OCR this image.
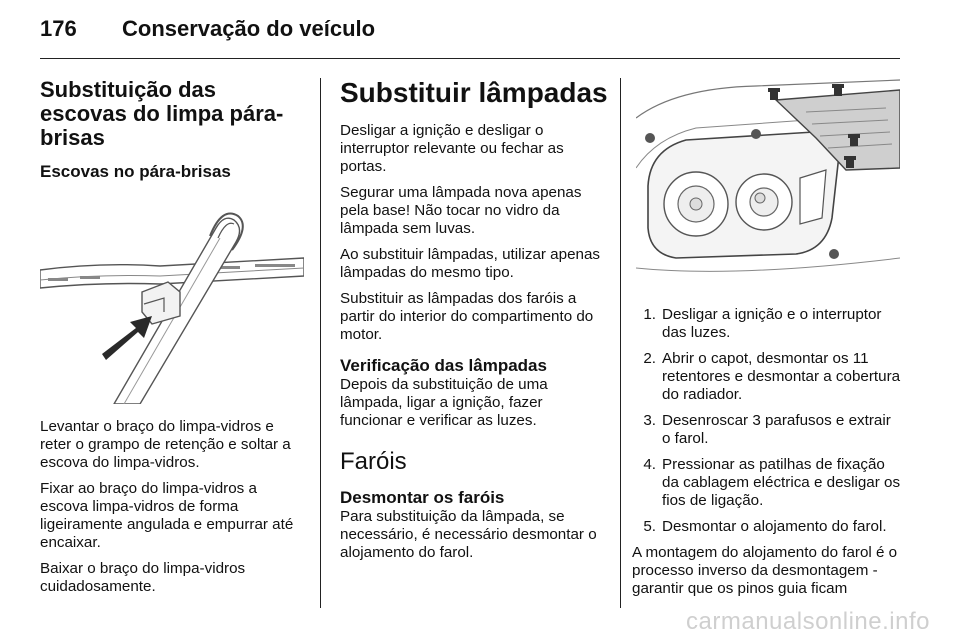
176	Conservação do veículo
Substituição das escovas do limpa pára-brisas
Escovas no pára-brisas

Levantar o braço do limpa-vidros e reter o grampo de retenção e soltar a escova do limpa-vidros.

Fixar ao braço do limpa-vidros a escova limpa-vidros de forma ligeiramente angulada e empurrar até encaixar.

Baixar o braço do limpa-vidros cuidadosamente.

Substituir lâmpadas

Desligar a ignição e desligar o interruptor relevante ou fechar as portas.

Segurar uma lâmpada nova apenas pela base! Não tocar no vidro da lâmpada sem luvas.

Ao substituir lâmpadas, utilizar apenas lâmpadas do mesmo tipo.

Substituir as lâmpadas dos faróis a partir do interior do compartimento do motor.

Verificação das lâmpadas

Depois da substituição de uma lâmpada, ligar a ignição, fazer funcionar e verificar as luzes.

Faróis
Desmontar os faróis

Para substituição da lâmpada, se necessário, é necessário desmontar o alojamento do farol.

1. Desligar a ignição e o interruptor das luzes.
2. Abrir o capot, desmontar os 11 retentores e desmontar a cobertura do radiador.
3. Desenroscar 3 parafusos e extrair o farol.
4. Pressionar as patilhas de fixação da cablagem eléctrica e desligar os fios de ligação.
5. Desmontar o alojamento do farol.

A montagem do alojamento do farol é o processo inverso da desmontagem - garantir que os pinos guia ficam

carmanualsonline.info
